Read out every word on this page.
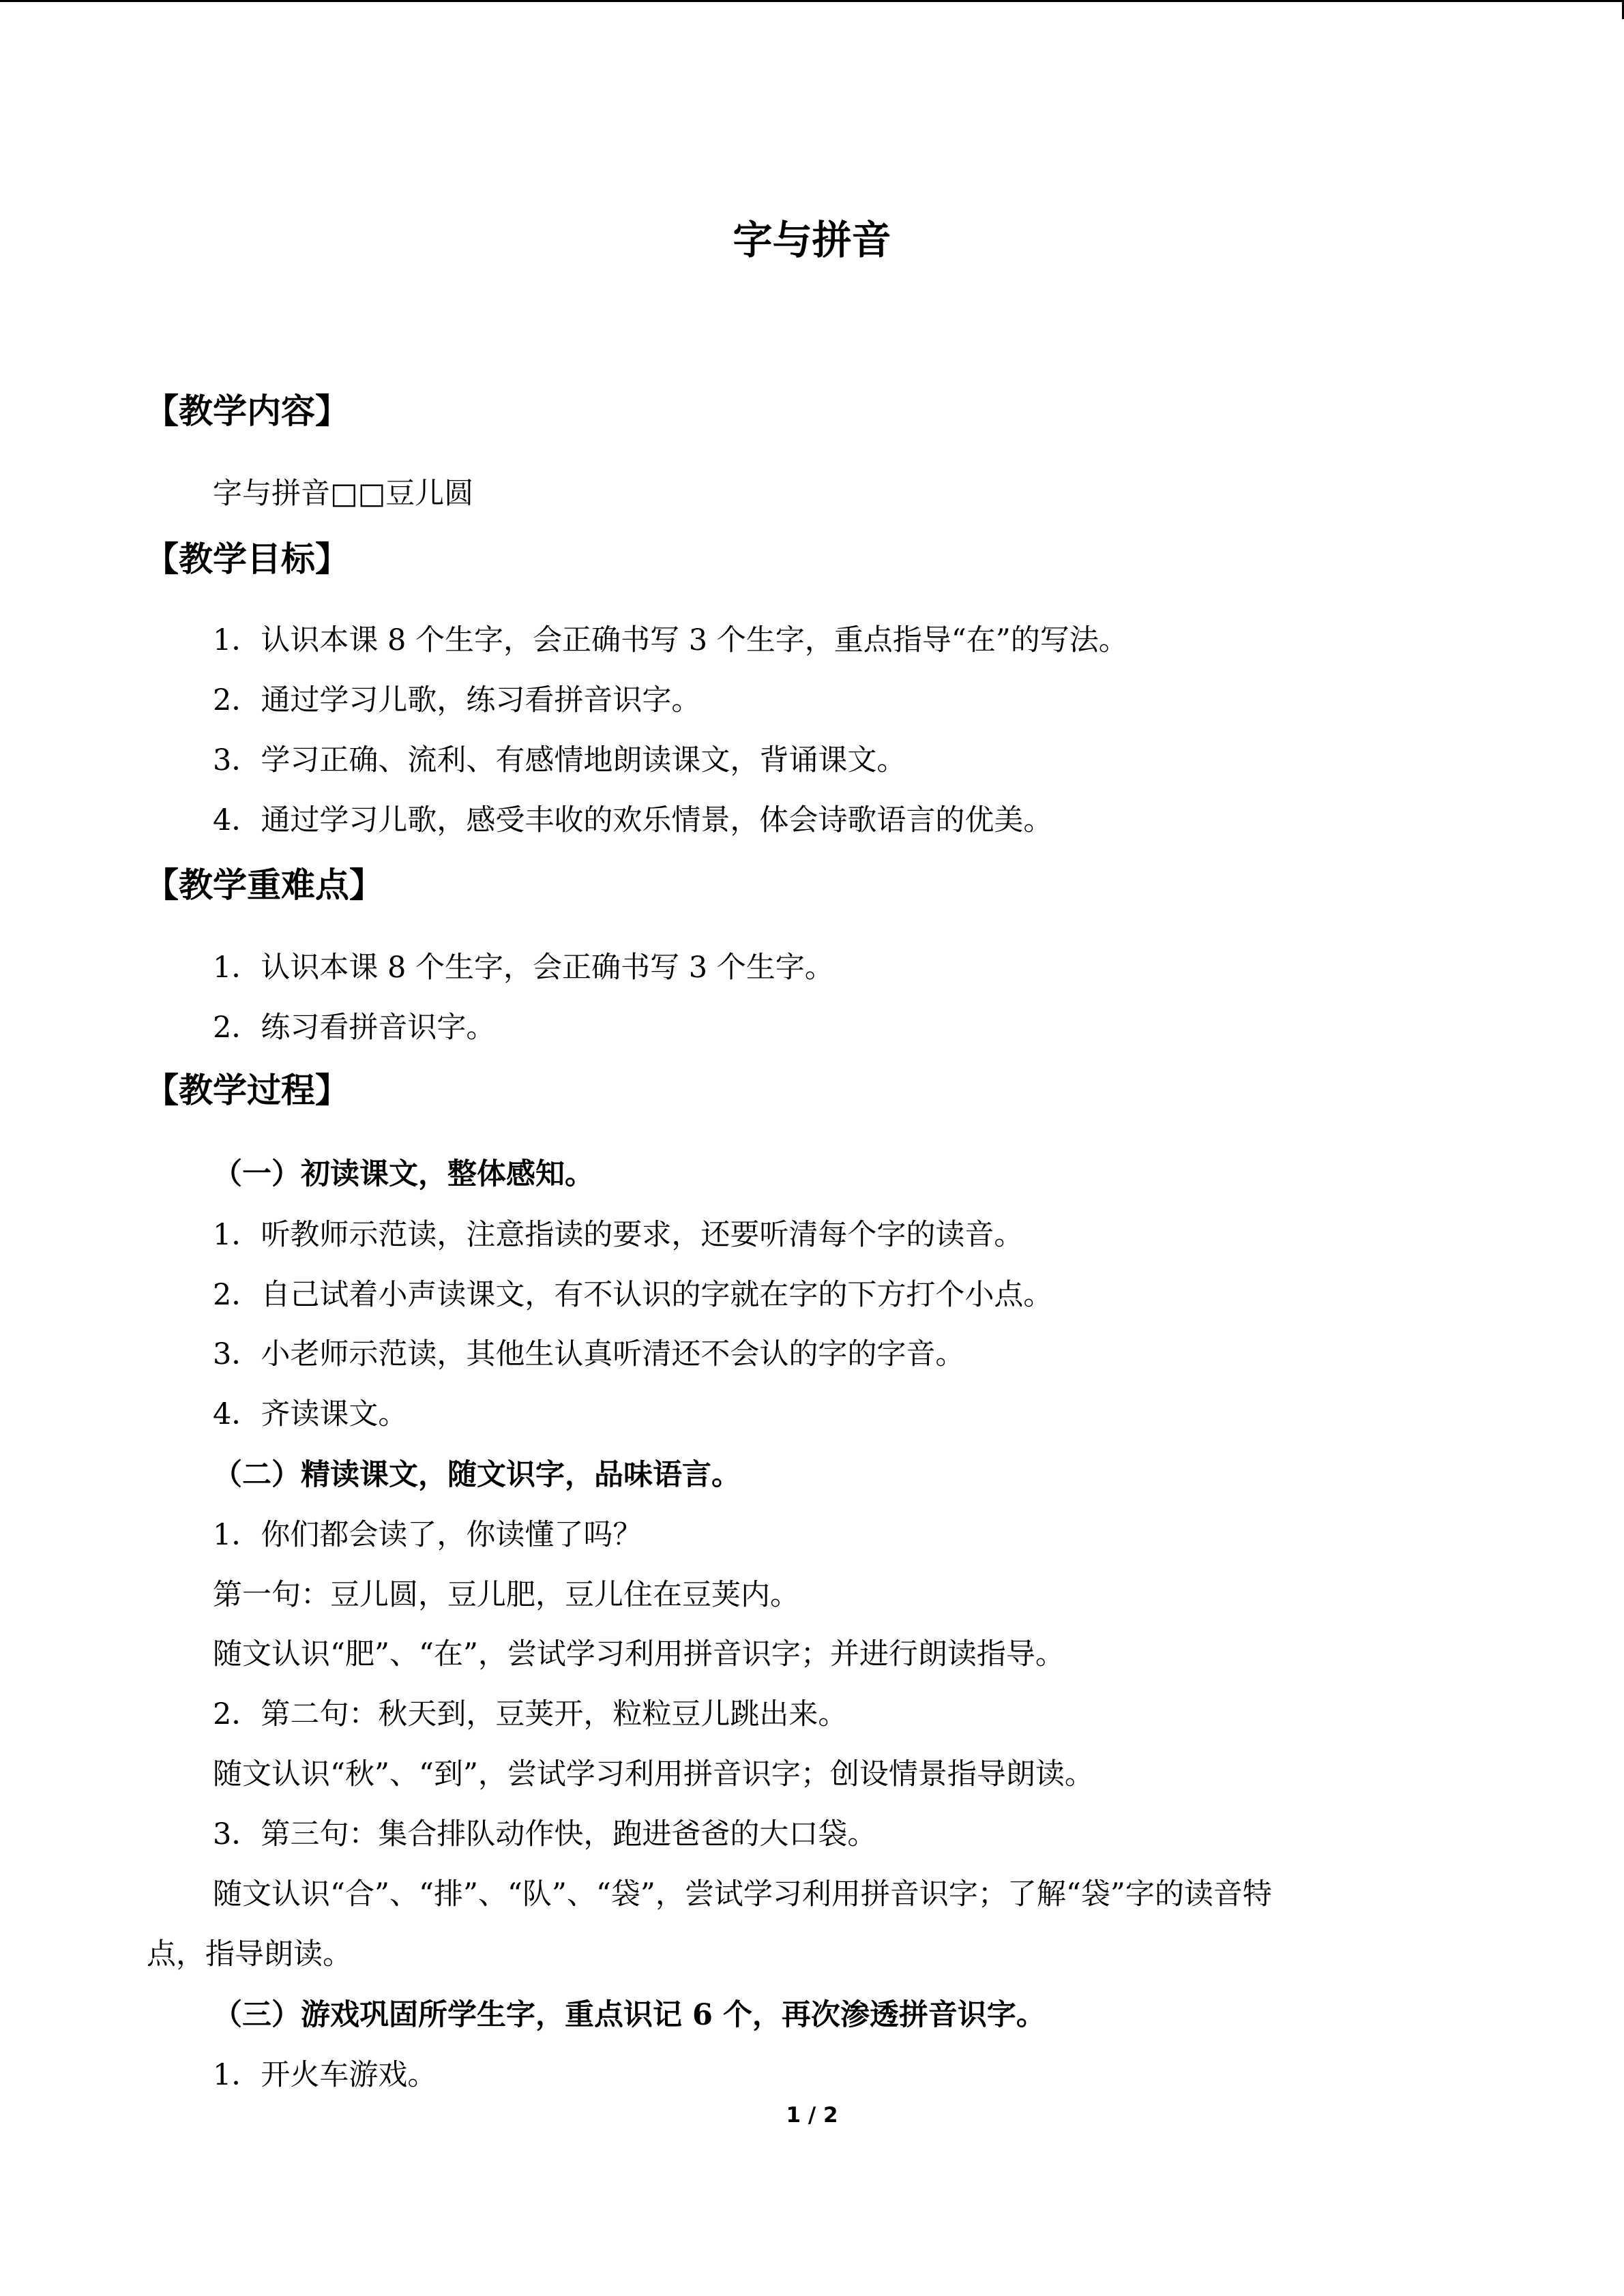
字与拼音
【教学内容】

字与拼音□□豆儿圆

【教学目标】

1．认识本课 8 个生字，会正确书写 3 个生字，重点指导“在”的写法。

2．通过学习儿歌，练习看拼音识字。

3．学习正确、流利、有感情地朗读课文，背诵课文。

4．通过学习儿歌，感受丰收的欢乐情景，体会诗歌语言的优美。

【教学重难点】

1．认识本课 8 个生字，会正确书写 3 个生字。

2．练习看拼音识字。

【教学过程】

（一）初读课文，整体感知。

1．听教师示范读，注意指读的要求，还要听清每个字的读音。

2．自己试着小声读课文，有不认识的字就在字的下方打个小点。

3．小老师示范读，其他生认真听清还不会认的字的字音。

4．齐读课文。

（二）精读课文，随文识字，品味语言。

1．你们都会读了，你读懂了吗？

第一句：豆儿圆，豆儿肥，豆儿住在豆荚内。

随文认识“肥”、“在”，尝试学习利用拼音识字；并进行朗读指导。

2．第二句：秋天到，豆荚开，粒粒豆儿跳出来。

随文认识“秋”、“到”，尝试学习利用拼音识字；创设情景指导朗读。

3．第三句：集合排队动作快，跑进爸爸的大口袋。

随文认识“合”、“排”、“队”、“袋”，尝试学习利用拼音识字；了解“袋”字的读音特

点，指导朗读。

（三）游戏巩固所学生字，重点识记 6 个，再次渗透拼音识字。

1．开火车游戏。

1 / 2
